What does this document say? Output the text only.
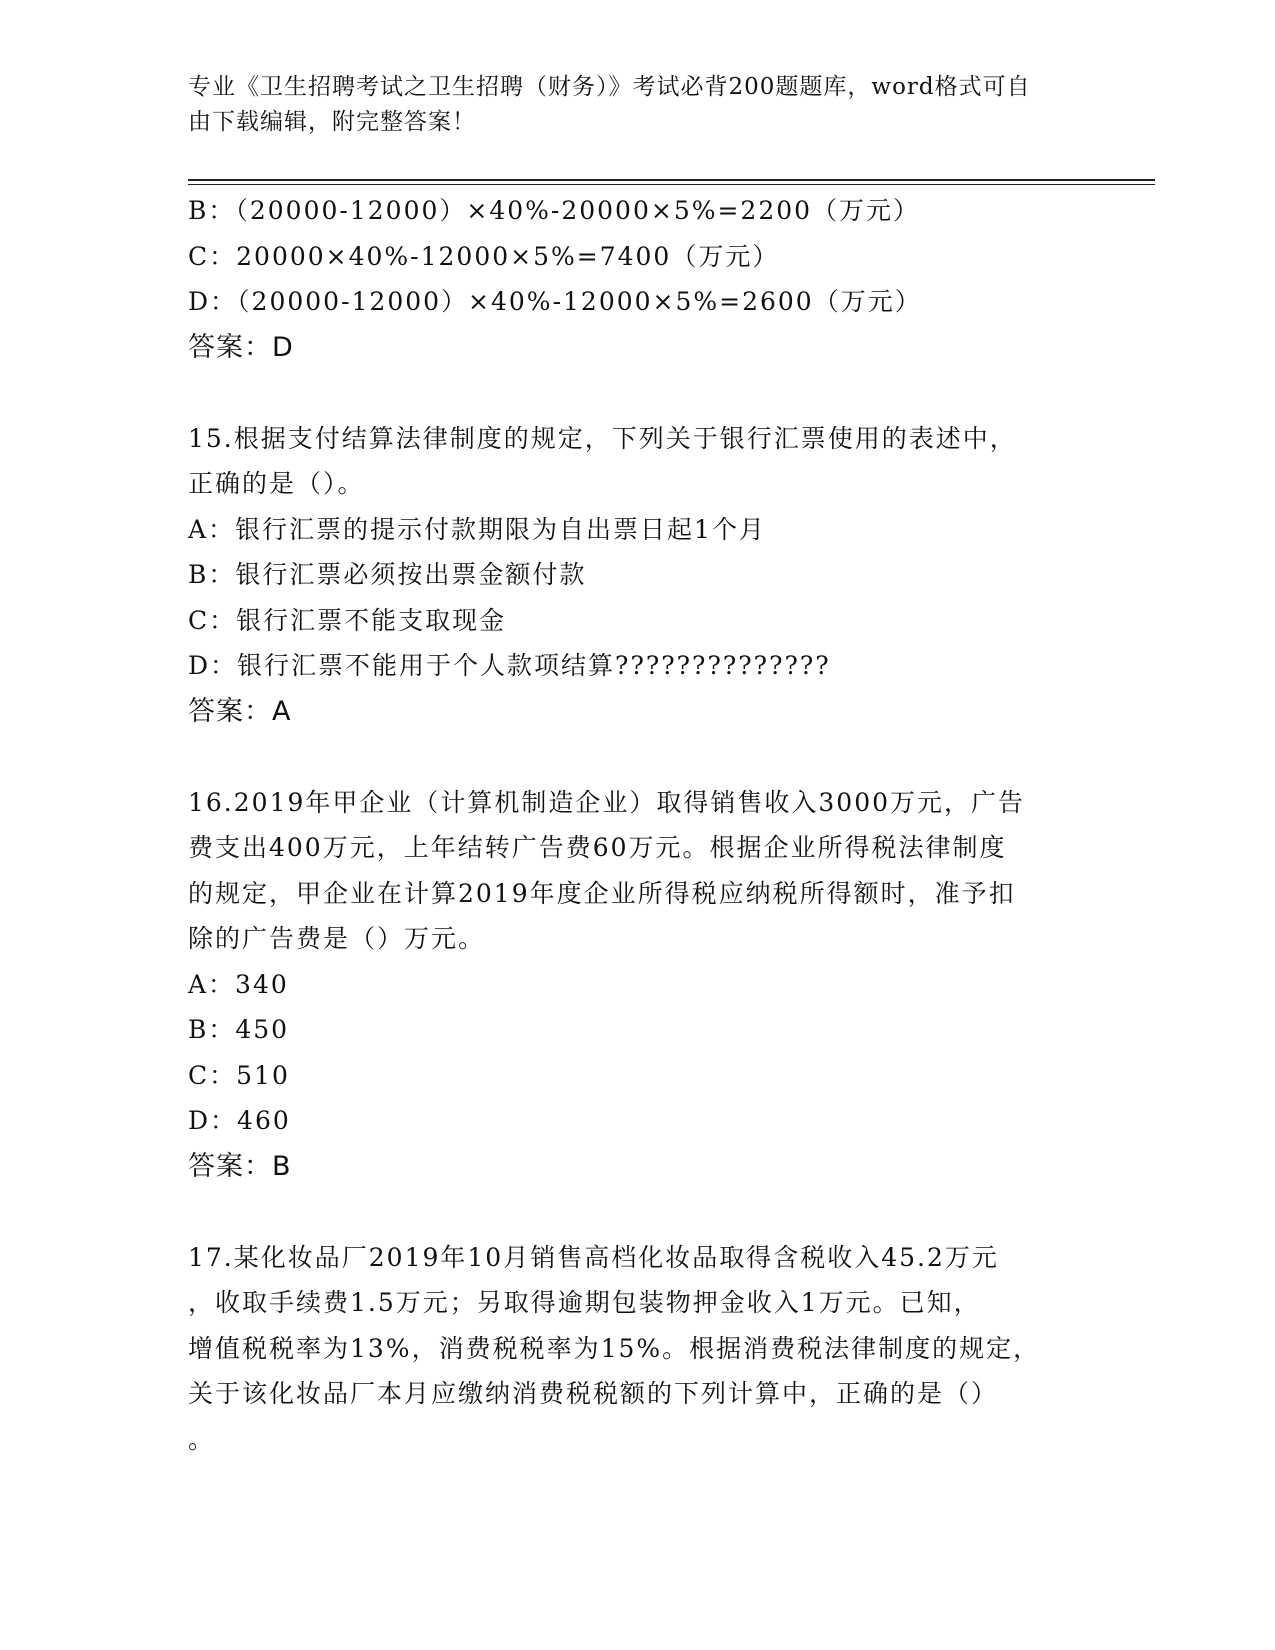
专业《卫生招聘考试之卫生招聘（财务）》考试必背200题题库，word格式可自
由下载编辑，附完整答案！
B：（20000-12000）×40%-20000×5%=2200（万元）
C：20000×40%-12000×5%=7400（万元）
D：（20000-12000）×40%-12000×5%=2600（万元）
答案：D
15.根据支付结算法律制度的规定，下列关于银行汇票使用的表述中，
正确的是（）。
A：银行汇票的提示付款期限为自出票日起1个月
B：银行汇票必须按出票金额付款
C：银行汇票不能支取现金
D：银行汇票不能用于个人款项结算??????????????
答案：A
16.2019年甲企业（计算机制造企业）取得销售收入3000万元，广告
费支出400万元，上年结转广告费60万元。根据企业所得税法律制度
的规定，甲企业在计算2019年度企业所得税应纳税所得额时，准予扣
除的广告费是（）万元。
A：340
B：450
C：510
D：460
答案：B
17.某化妆品厂2019年10月销售高档化妆品取得含税收入45.2万元
，收取手续费1.5万元；另取得逾期包装物押金收入1万元。已知，
增值税税率为13%，消费税税率为15%。根据消费税法律制度的规定，
关于该化妆品厂本月应缴纳消费税税额的下列计算中，正确的是（）
。
